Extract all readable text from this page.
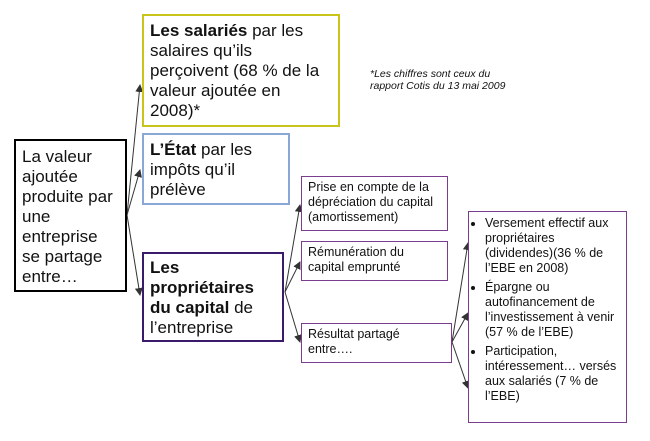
La valeur ajoutée produite par une entreprise se partage entre…
Les salariés par les salaires qu’ils perçoivent (68 % de la valeur ajoutée en 2008)*
L’État par les impôts qu’il prélève
Les propriétaires du capital de l’entreprise
*Les chiffres sont ceux du rapport Cotis du 13 mai 2009
Prise en compte de la dépréciation du capital (amortissement)
Rémunération du capital emprunté
Résultat partagé entre….
• Versement effectif aux propriétaires (dividendes)(36 % de l’EBE en 2008)
• Épargne ou autofinancement de l’investissement à venir (57 % de l’EBE)
• Participation, intéressement… versés aux salariés (7 % de l’EBE)
